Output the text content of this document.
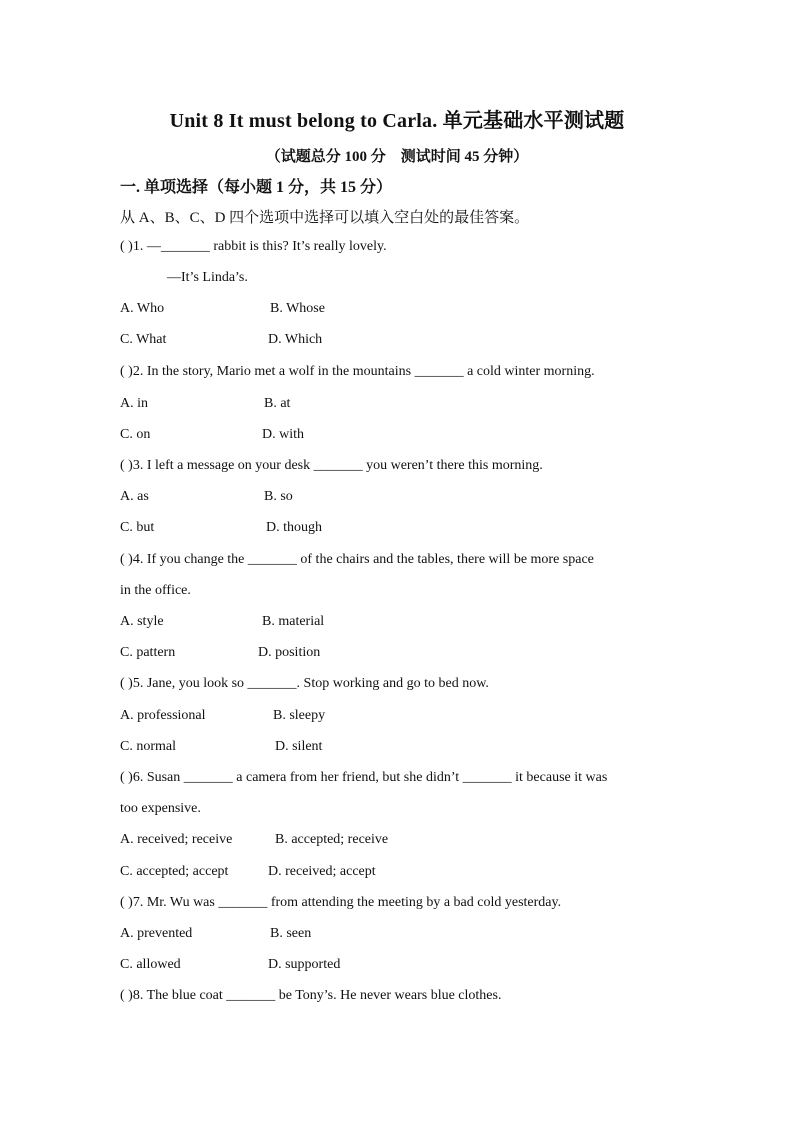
Unit 8 It must belong to Carla. 单元基础水平测试题
（试题总分 100 分　测试时间 45 分钟）
一. 单项选择（每小题 1 分，共 15 分）
从 A、B、C、D 四个选项中选择可以填入空白处的最佳答案。
( )1. —_______ rabbit is this? It’s really lovely.
—It’s Linda’s.
A. Who	B. Whose
C. What	D. Which
( )2. In the story, Mario met a wolf in the mountains _______ a cold winter morning.
A. in	B. at
C. on	D. with
( )3. I left a message on your desk _______ you weren’t there this morning.
A. as	B. so
C. but	D. though
( )4. If you change the _______ of the chairs and the tables, there will be more space
in the office.
A. style	B. material
C. pattern	D. position
( )5. Jane, you look so _______. Stop working and go to bed now.
A. professional	B. sleepy
C. normal	D. silent
( )6. Susan _______ a camera from her friend, but she didn’t _______ it because it was
too expensive.
A. received; receive	B. accepted; receive
C. accepted; accept	D. received; accept
( )7. Mr. Wu was _______ from attending the meeting by a bad cold yesterday.
A. prevented	B. seen
C. allowed	D. supported
( )8. The blue coat _______ be Tony’s. He never wears blue clothes.
